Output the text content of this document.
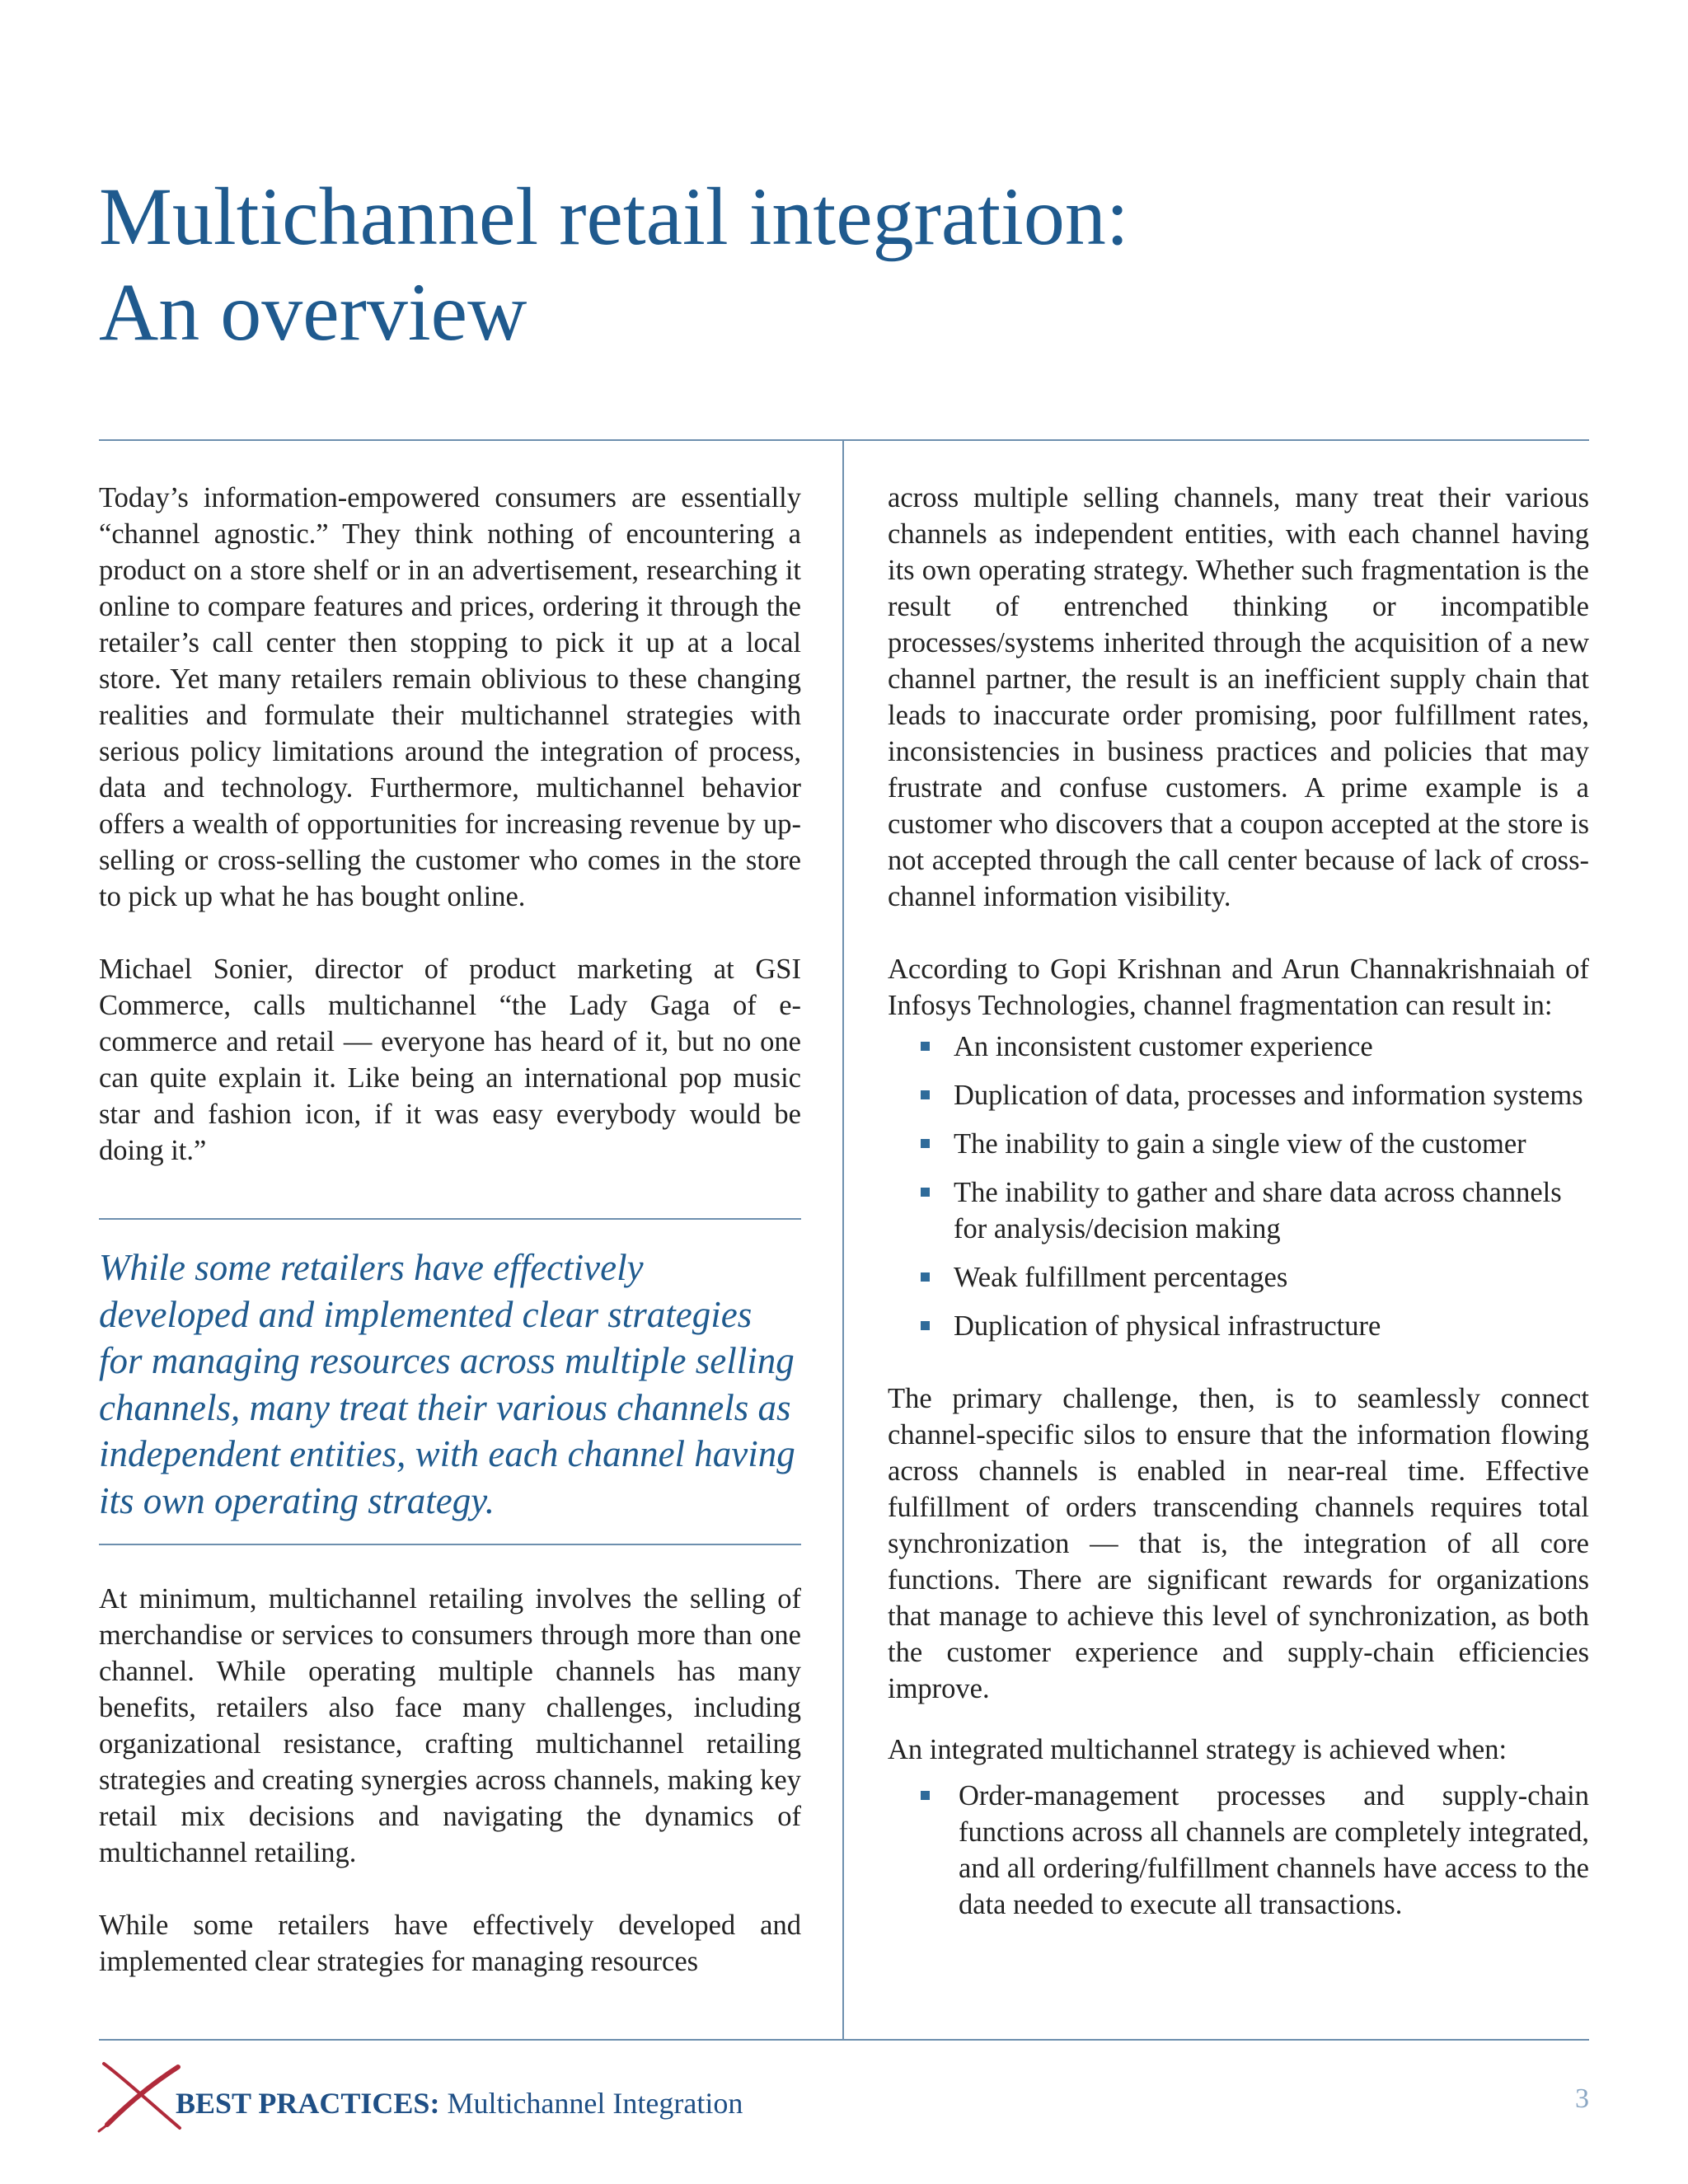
Multichannel retail integration:
An overview

Today’s information-empowered consumers are essentially “channel agnostic.” They think nothing of encountering a product on a store shelf or in an advertisement, researching it online to compare features and prices, ordering it through the retailer’s call center then stopping to pick it up at a local store. Yet many retailers remain oblivious to these changing realities and formulate their multichannel strategies with serious policy limitations around the integration of process, data and technology. Furthermore, multichannel behavior offers a wealth of opportunities for increasing revenue by up-selling or cross-selling the customer who comes in the store to pick up what he has bought online.

Michael Sonier, director of product marketing at GSI Commerce, calls multichannel “the Lady Gaga of e-commerce and retail — everyone has heard of it, but no one can quite explain it. Like being an international pop music star and fashion icon, if it was easy everybody would be doing it.”

While some retailers have effectively developed and implemented clear strategies for managing resources across multiple selling channels, many treat their various channels as independent entities, with each channel having its own operating strategy.

At minimum, multichannel retailing involves the selling of merchandise or services to consumers through more than one channel. While operating multiple channels has many benefits, retailers also face many challenges, including organizational resistance, crafting multichannel retailing strategies and creating synergies across channels, making key retail mix decisions and navigating the dynamics of multichannel retailing.

While some retailers have effectively developed and implemented clear strategies for managing resources

across multiple selling channels, many treat their various channels as independent entities, with each channel having its own operating strategy. Whether such fragmentation is the result of entrenched thinking or incompatible processes/systems inherited through the acquisition of a new channel partner, the result is an inefficient supply chain that leads to inaccurate order promising, poor fulfillment rates, inconsistencies in business practices and policies that may frustrate and confuse customers. A prime example is a customer who discovers that a coupon accepted at the store is not accepted through the call center because of lack of cross-channel information visibility.

According to Gopi Krishnan and Arun Channakrishnaiah of Infosys Technologies, channel fragmentation can result in:

An inconsistent customer experience
Duplication of data, processes and information systems
The inability to gain a single view of the customer
The inability to gather and share data across channels for analysis/decision making
Weak fulfillment percentages
Duplication of physical infrastructure

The primary challenge, then, is to seamlessly connect channel-specific silos to ensure that the information flowing across channels is enabled in near-real time. Effective fulfillment of orders transcending channels requires total synchronization — that is, the integration of all core functions. There are significant rewards for organizations that manage to achieve this level of synchronization, as both the customer experience and supply-chain efficiencies improve.

An integrated multichannel strategy is achieved when:

Order-management processes and supply-chain functions across all channels are completely integrated, and all ordering/fulfillment channels have access to the data needed to execute all transactions.
BEST PRACTICES: Multichannel Integration	3
